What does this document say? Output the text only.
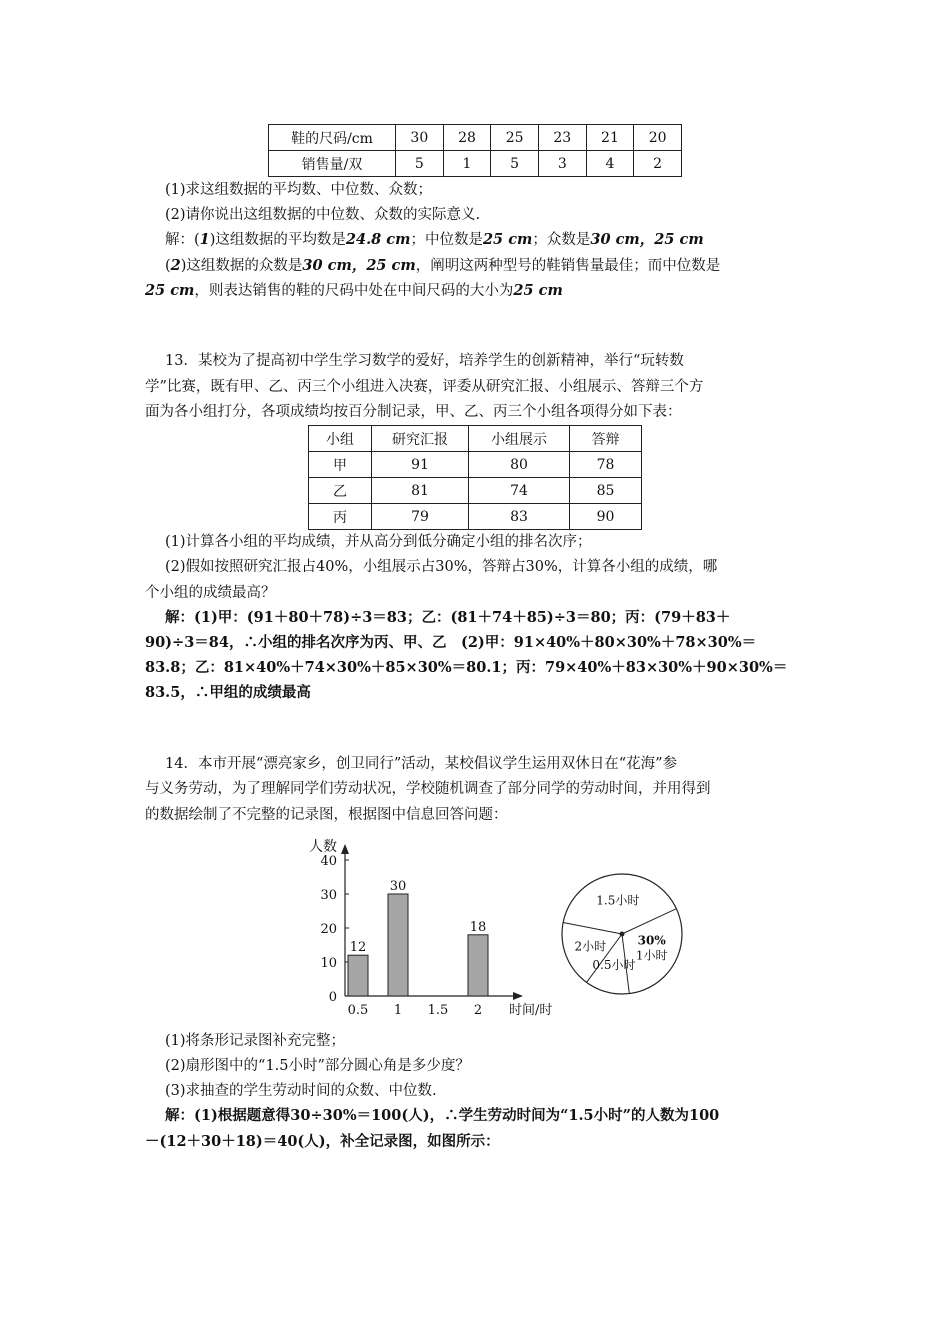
鞋的尺码/cm	30	28	25	23	21	20
销售量/双	5	1	5	3	4	2
(1)求这组数据的平均数、中位数、众数；
(2)请你说出这组数据的中位数、众数的实际意义.
解：(1)这组数据的平均数是24.8 cm；中位数是25 cm；众数是30 cm，25 cm
(2)这组数据的众数是30 cm，25 cm，阐明这两种型号的鞋销售量最佳；而中位数是
25 cm，则表达销售的鞋的尺码中处在中间尺码的大小为25 cm
13．某校为了提高初中学生学习数学的爱好，培养学生的创新精神，举行“玩转数
学”比赛，既有甲、乙、丙三个小组进入决赛，评委从研究汇报、小组展示、答辩三个方
面为各小组打分，各项成绩均按百分制记录，甲、乙、丙三个小组各项得分如下表：
小组	研究汇报	小组展示	答辩
甲	91	80	78
乙	81	74	85
丙	79	83	90
(1)计算各小组的平均成绩，并从高分到低分确定小组的排名次序；
(2)假如按照研究汇报占40%，小组展示占30%，答辩占30%，计算各小组的成绩，哪
个小组的成绩最高？
解：(1)甲：(91＋80＋78)÷3＝83；乙：(81＋74＋85)÷3＝80；丙：(79＋83＋
90)÷3＝84，∴小组的排名次序为丙、甲、乙　(2)甲：91×40%＋80×30%＋78×30%＝
83.8；乙：81×40%＋74×30%＋85×30%＝80.1；丙：79×40%＋83×30%＋90×30%＝
83.5，∴甲组的成绩最高
14．本市开展“漂亮家乡，创卫同行”活动，某校倡议学生运用双休日在“花海”参
与义务劳动，为了理解同学们劳动状况，学校随机调查了部分同学的劳动时间，并用得到
的数据绘制了不完整的记录图，根据图中信息回答问题：
人数
时间/时
0
10
20
30
40
0.5
12
1
30
1.5 2
18
30%
1小时
0.5小时
2小时
1.5小时
(1)将条形记录图补充完整；
(2)扇形图中的“1.5小时”部分圆心角是多少度？
(3)求抽查的学生劳动时间的众数、中位数.
解：(1)根据题意得30÷30%＝100(人)，∴学生劳动时间为“1.5小时”的人数为100
－(12＋30＋18)＝40(人)，补全记录图，如图所示：
